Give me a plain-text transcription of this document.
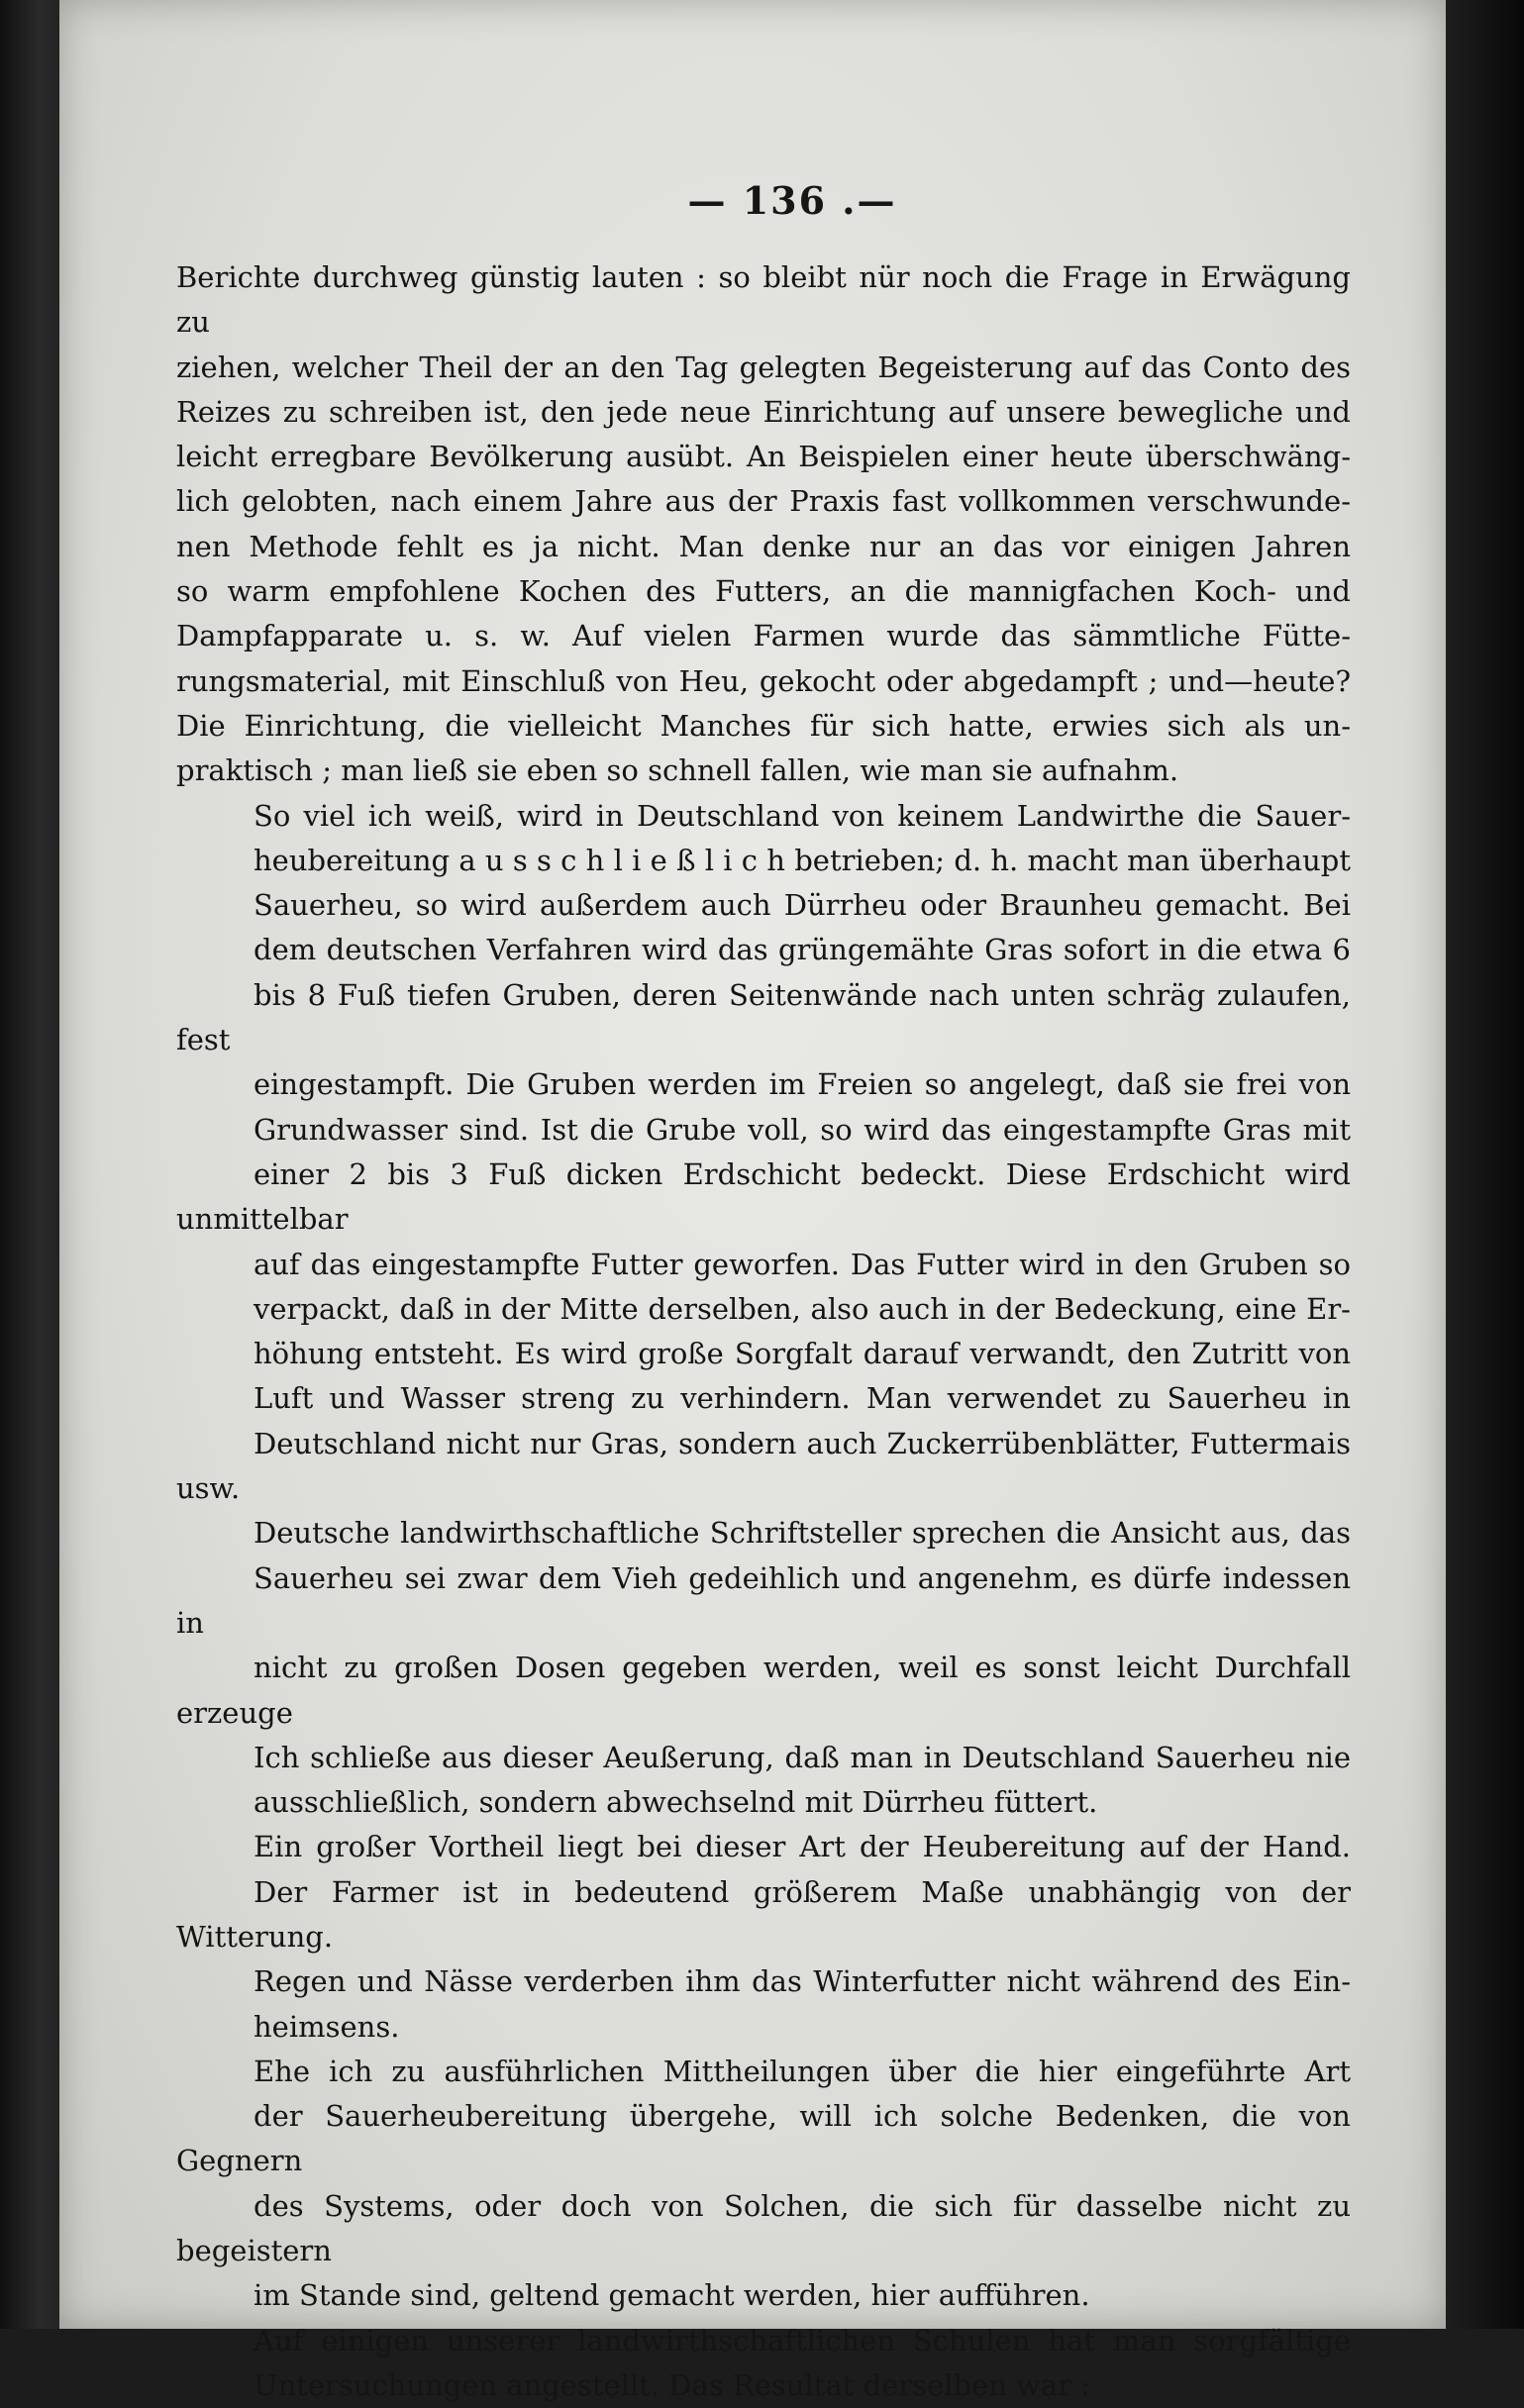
— 136 .—

Berichte durchweg günstig lauten : so bleibt nür noch die Frage in Erwägung zu
ziehen, welcher Theil der an den Tag gelegten Begeisterung auf das Conto des
Reizes zu schreiben ist, den jede neue Einrichtung auf unsere bewegliche und
leicht erregbare Bevölkerung ausübt. An Beispielen einer heute überschwäng-
lich gelobten, nach einem Jahre aus der Praxis fast vollkommen verschwunde-
nen Methode fehlt es ja nicht. Man denke nur an das vor einigen Jahren
so warm empfohlene Kochen des Futters, an die mannigfachen Koch- und
Dampfapparate u. s. w. Auf vielen Farmen wurde das sämmtliche Fütte-
rungsmaterial, mit Einschluß von Heu, gekocht oder abgedampft ; und—heute?
Die Einrichtung, die vielleicht Manches für sich hatte, erwies sich als un-
praktisch ; man ließ sie eben so schnell fallen, wie man sie aufnahm.

So viel ich weiß, wird in Deutschland von keinem Landwirthe die Sauer-
heubereitung a u s s c h l i e ß l i c h betrieben; d. h. macht man überhaupt
Sauerheu, so wird außerdem auch Dürrheu oder Braunheu gemacht. Bei
dem deutschen Verfahren wird das grüngemähte Gras sofort in die etwa 6
bis 8 Fuß tiefen Gruben, deren Seitenwände nach unten schräg zulaufen, fest
eingestampft. Die Gruben werden im Freien so angelegt, daß sie frei von
Grundwasser sind. Ist die Grube voll, so wird das eingestampfte Gras mit
einer 2 bis 3 Fuß dicken Erdschicht bedeckt. Diese Erdschicht wird unmittelbar
auf das eingestampfte Futter geworfen. Das Futter wird in den Gruben so
verpackt, daß in der Mitte derselben, also auch in der Bedeckung, eine Er-
höhung entsteht. Es wird große Sorgfalt darauf verwandt, den Zutritt von
Luft und Wasser streng zu verhindern. Man verwendet zu Sauerheu in
Deutschland nicht nur Gras, sondern auch Zuckerrübenblätter, Futtermais usw.

Deutsche landwirthschaftliche Schriftsteller sprechen die Ansicht aus, das
Sauerheu sei zwar dem Vieh gedeihlich und angenehm, es dürfe indessen in
nicht zu großen Dosen gegeben werden, weil es sonst leicht Durchfall erzeuge
Ich schließe aus dieser Aeußerung, daß man in Deutschland Sauerheu nie
ausschließlich, sondern abwechselnd mit Dürrheu füttert.

Ein großer Vortheil liegt bei dieser Art der Heubereitung auf der Hand.
Der Farmer ist in bedeutend größerem Maße unabhängig von der Witterung.
Regen und Nässe verderben ihm das Winterfutter nicht während des Ein-
heimsens.

Ehe ich zu ausführlichen Mittheilungen über die hier eingeführte Art
der Sauerheubereitung übergehe, will ich solche Bedenken, die von Gegnern
des Systems, oder doch von Solchen, die sich für dasselbe nicht zu begeistern
im Stande sind, geltend gemacht werden, hier aufführen.

Auf einigen unserer landwirthschaftlichen Schulen hat man sorgfältige
Untersuchungen angestellt. Das Resultat derselben war :
